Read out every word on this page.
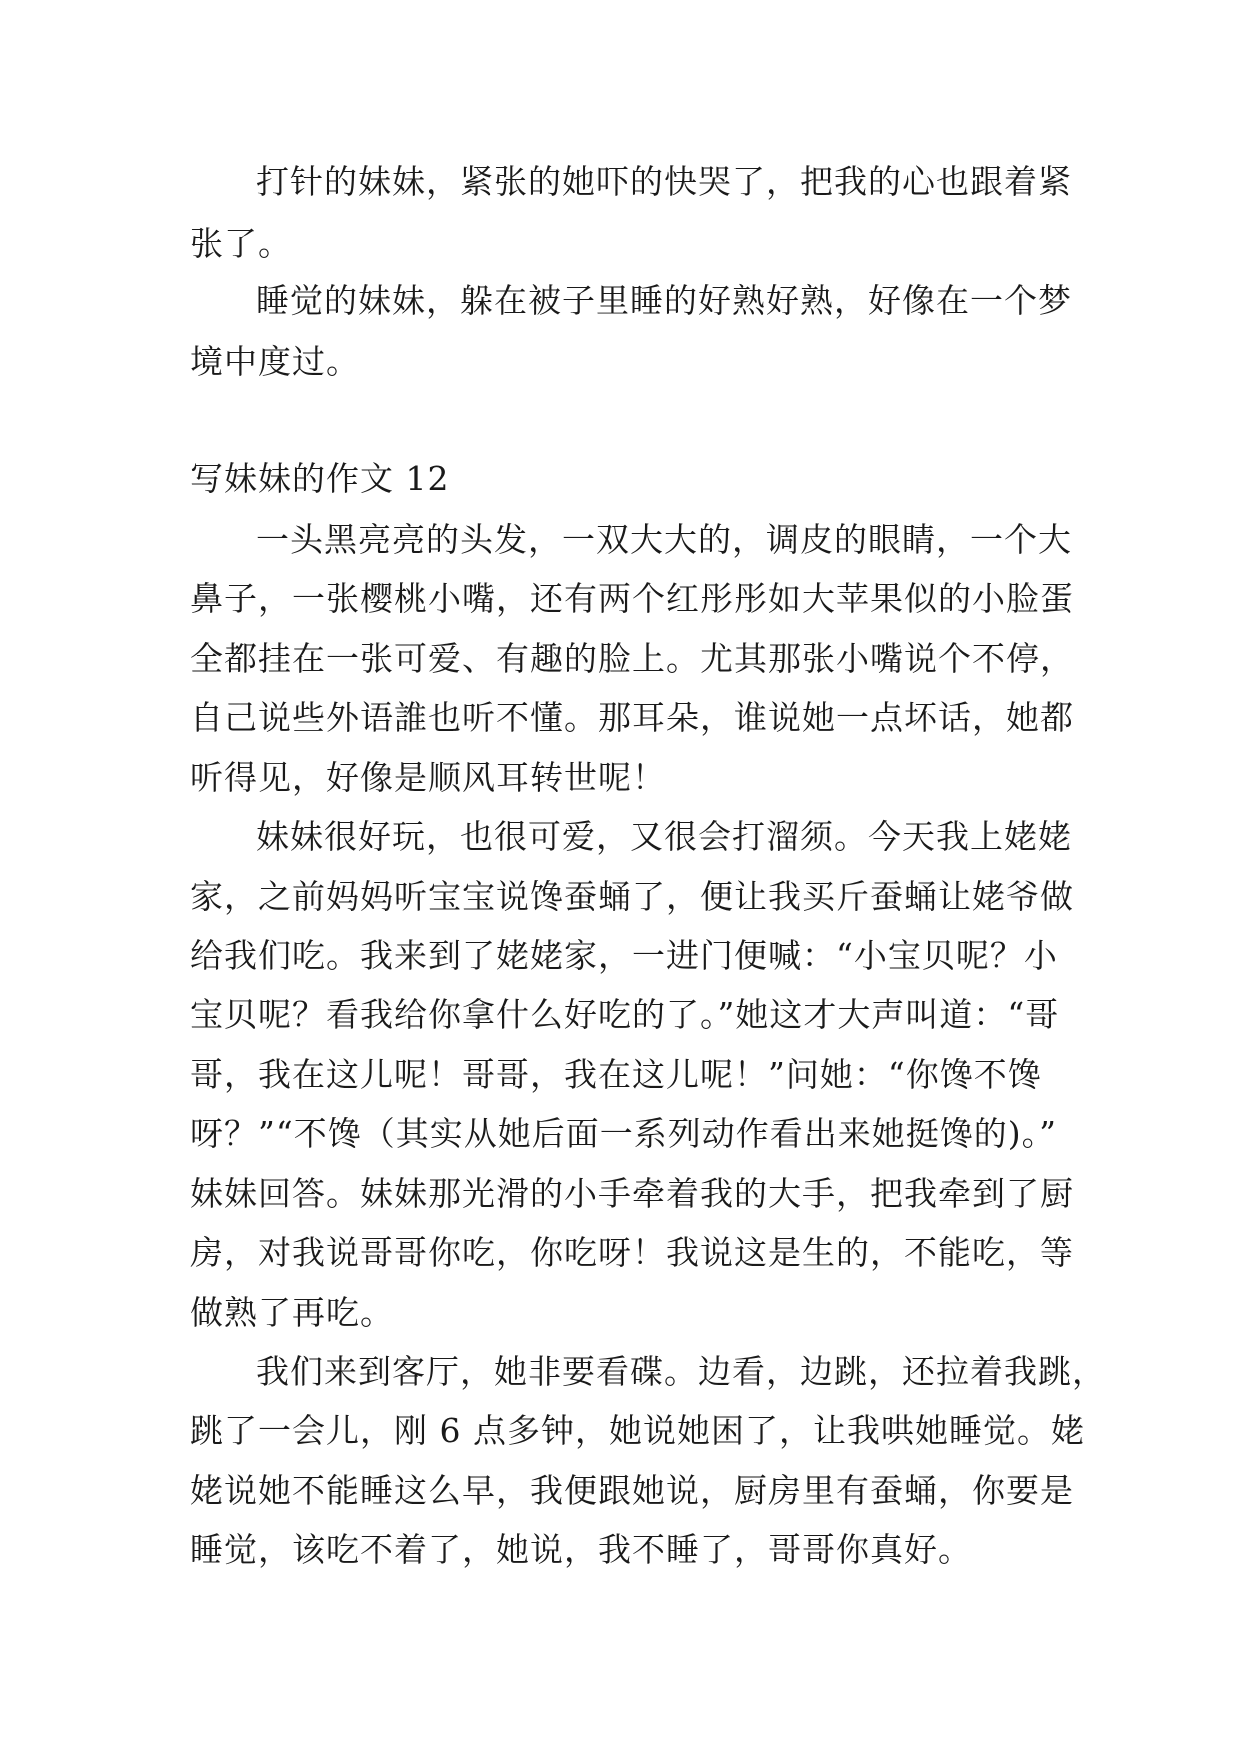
打针的妹妹，紧张的她吓的快哭了，把我的心也跟着紧
张了。
睡觉的妹妹，躲在被子里睡的好熟好熟，好像在一个梦
境中度过。
写妹妹的作文 12
一头黑亮亮的头发，一双大大的，调皮的眼睛，一个大
鼻子，一张樱桃小嘴，还有两个红彤彤如大苹果似的小脸蛋
全都挂在一张可爱、有趣的脸上。尤其那张小嘴说个不停，
自己说些外语誰也听不懂。那耳朵，谁说她一点坏话，她都
听得见，好像是顺风耳转世呢！
妹妹很好玩，也很可爱，又很会打溜须。今天我上姥姥
家，之前妈妈听宝宝说馋蚕蛹了，便让我买斤蚕蛹让姥爷做
给我们吃。我来到了姥姥家，一进门便喊：“小宝贝呢？小
宝贝呢？看我给你拿什么好吃的了。”她这才大声叫道：“哥
哥，我在这儿呢！哥哥，我在这儿呢！”问她：“你馋不馋
呀？”“不馋（其实从她后面一系列动作看出来她挺馋的)。”
妹妹回答。妹妹那光滑的小手牵着我的大手，把我牵到了厨
房，对我说哥哥你吃，你吃呀！我说这是生的，不能吃，等
做熟了再吃。
我们来到客厅，她非要看碟。边看，边跳，还拉着我跳，
跳了一会儿，刚 6 点多钟，她说她困了，让我哄她睡觉。姥
姥说她不能睡这么早，我便跟她说，厨房里有蚕蛹，你要是
睡觉，该吃不着了，她说，我不睡了，哥哥你真好。
